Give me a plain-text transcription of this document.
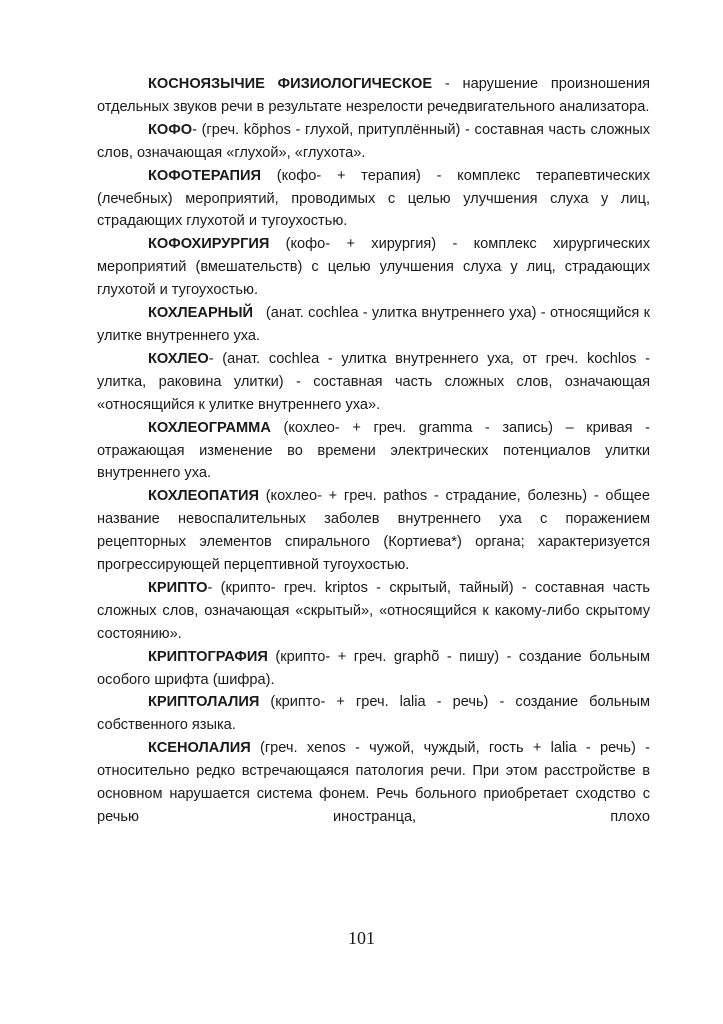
КОСНОЯЗЫЧИЕ ФИЗИОЛОГИЧЕСКОЕ - нарушение произношения отдельных звуков речи в результате незрелости речедвигательного анализатора.

КОФО- (греч. kõphos - глухой, притуплённый) - составная часть сложных слов, означающая «глухой», «глухота».

КОФОТЕРАПИЯ (кофо- + терапия) - комплекс терапевтических (лечебных) мероприятий, проводимых с целью улучшения слуха у лиц, страдающих глухотой и тугоухостью.

КОФОХИРУРГИЯ (кофо- + хирургия) - комплекс хирургических мероприятий (вмешательств) с целью улучшения слуха у лиц, страдающих глухотой и тугоухостью.

КОХЛЕАРНЫЙ   (анат. cochlea - улитка внутреннего уха) - относящийся к улитке внутреннего уха.

КОХЛЕО- (анат. cochlea - улитка внутреннего уха, от греч. kochlos - улитка, раковина улитки) - составная часть сложных слов, означающая «относящийся к улитке внутреннего уха».

КОХЛЕОГРАММА (кохлео- + греч. gramma - запись) – кривая - отражающая изменение во времени электрических потенциалов улитки внутреннего уха.

КОХЛЕОПАТИЯ (кохлео- + греч. pathos - страдание, болезнь) - общее название невоспалительных заболев внутреннего уха с поражением рецепторных элементов спирального (Кортиева*) органа; характеризуется прогрессирующей перцептивной тугоухостью.

КРИПТО- (крипто- греч. kriptos - скрытый, тайный) - составная часть сложных слов, означающая «скрытый», «относящийся к какому-либо скрытому состоянию».

КРИПТОГРАФИЯ (крипто- + греч. graphõ - пишу) - создание больным особого шрифта (шифра).

КРИПТОЛАЛИЯ (крипто- + греч. lalia - речь) - создание больным собственного языка.

КСЕНОЛАЛИЯ (греч. xenos - чужой, чуждый, гость + lalia - речь) - относительно редко встречающаяся патология речи. При этом расстройстве в основном нарушается система фонем. Речь больного приобретает сходство с речью иностранца, плохо

101
